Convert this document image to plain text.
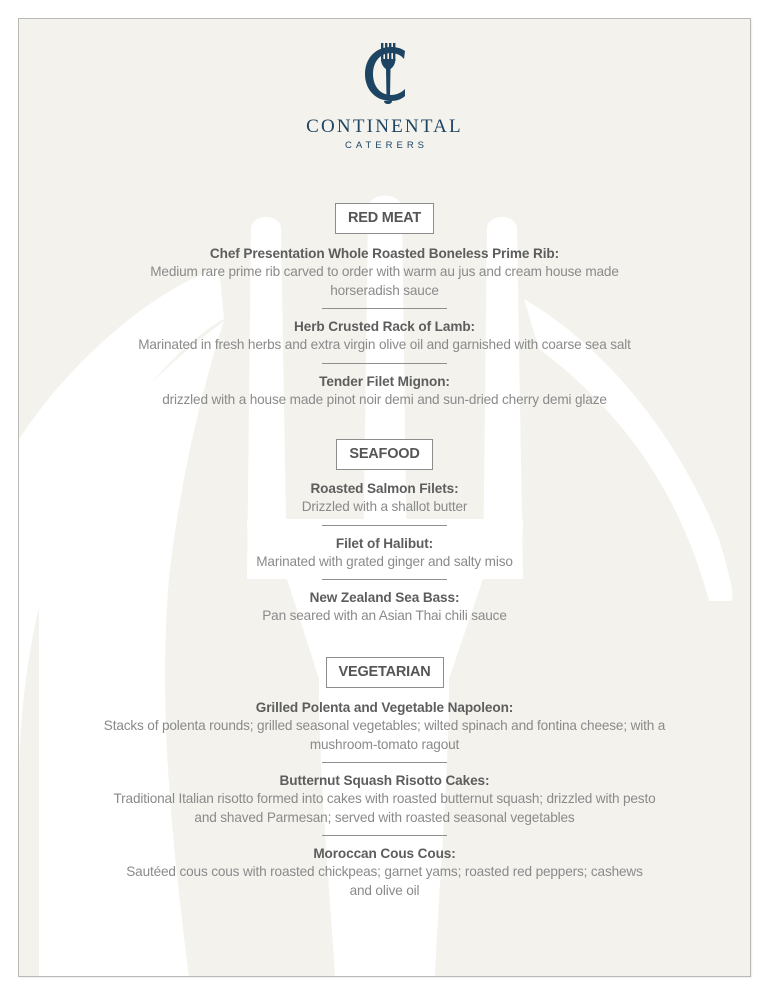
CONTINENTAL
CATERERS
RED MEAT
Chef Presentation Whole Roasted Boneless Prime Rib:
Medium rare prime rib carved to order with warm au jus and cream house made
horseradish sauce
Herb Crusted Rack of Lamb:
Marinated in fresh herbs and extra virgin olive oil and garnished with coarse sea salt
Tender Filet Mignon:
drizzled with a house made pinot noir demi and sun-dried cherry demi glaze
SEAFOOD
Roasted Salmon Filets:
Drizzled with a shallot butter
Filet of Halibut:
Marinated with grated ginger and salty miso
New Zealand Sea Bass:
Pan seared with an Asian Thai chili sauce
VEGETARIAN
Grilled Polenta and Vegetable Napoleon:
Stacks of polenta rounds; grilled seasonal vegetables; wilted spinach and fontina cheese; with a
mushroom-tomato ragout
Butternut Squash Risotto Cakes:
Traditional Italian risotto formed into cakes with roasted butternut squash; drizzled with pesto
and shaved Parmesan; served with roasted seasonal vegetables
Moroccan Cous Cous:
Sautéed cous cous with roasted chickpeas; garnet yams; roasted red peppers; cashews
and olive oil
